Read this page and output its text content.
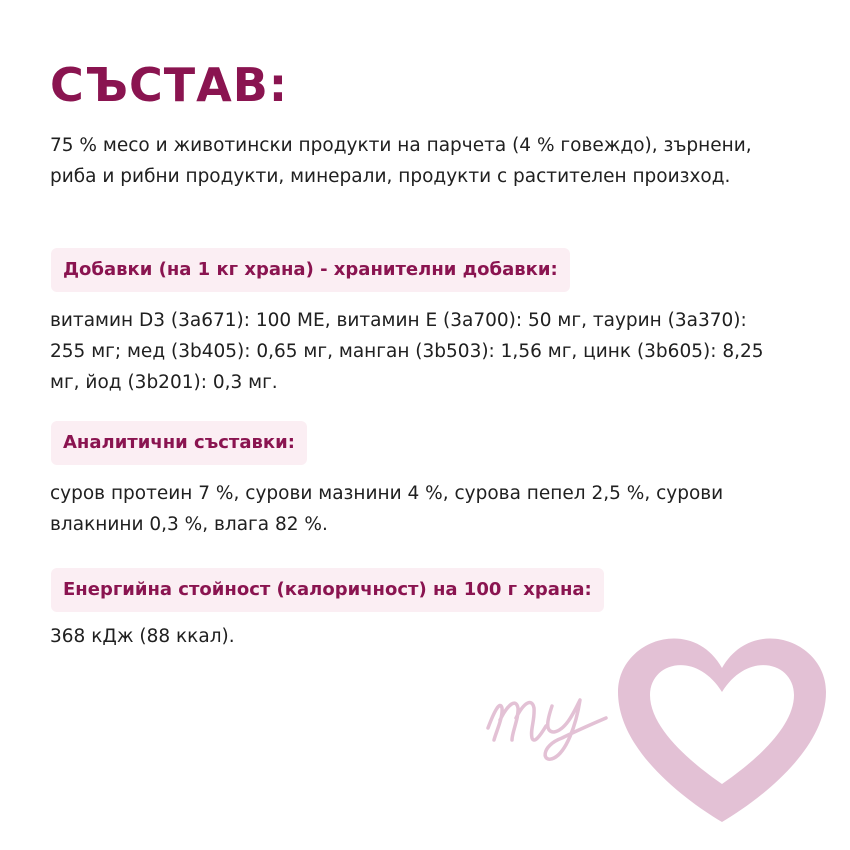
СЪСТАВ:

75 % месо и животински продукти на парчета (4 % говеждо), зърнени, риба и рибни продукти, минерали, продукти с растителен произход.

Добавки (на 1 кг храна) - хранителни добавки:

витамин D3 (3a671): 100 МЕ, витамин E (3a700): 50 мг, таурин (3a370): 255 мг; мед (3b405): 0,65 мг, манган (3b503): 1,56 мг, цинк (3b605): 8,25 мг, йод (3b201): 0,3 мг.

Аналитични съставки:

суров протеин 7 %, сурови мазнини 4 %, сурова пепел 2,5 %, сурови влакнини 0,3 %, влага 82 %.

Енергийна стойност (калоричност) на 100 г храна:

368 кДж (88 ккал).
